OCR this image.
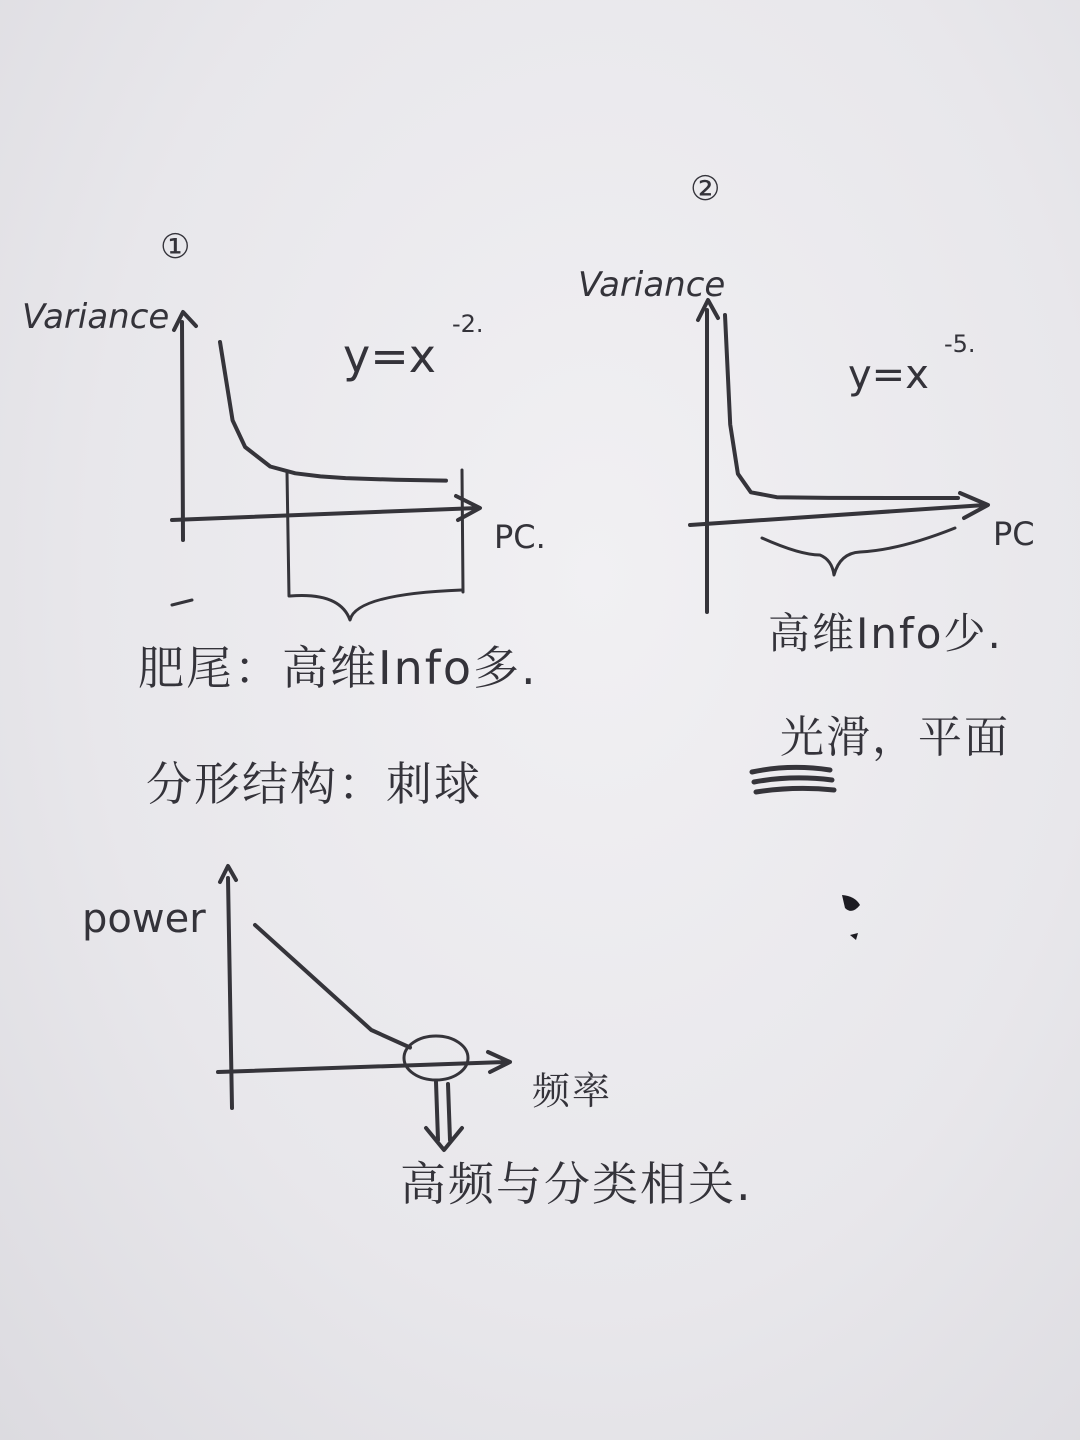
①
Variance
PC.
y=x
-2.
肥尾：高维Info多.
分形结构：刺球
②
Variance
PC
y=x
-5.
高维Info少.
光滑，平面
power
频率
高频与分类相关.
